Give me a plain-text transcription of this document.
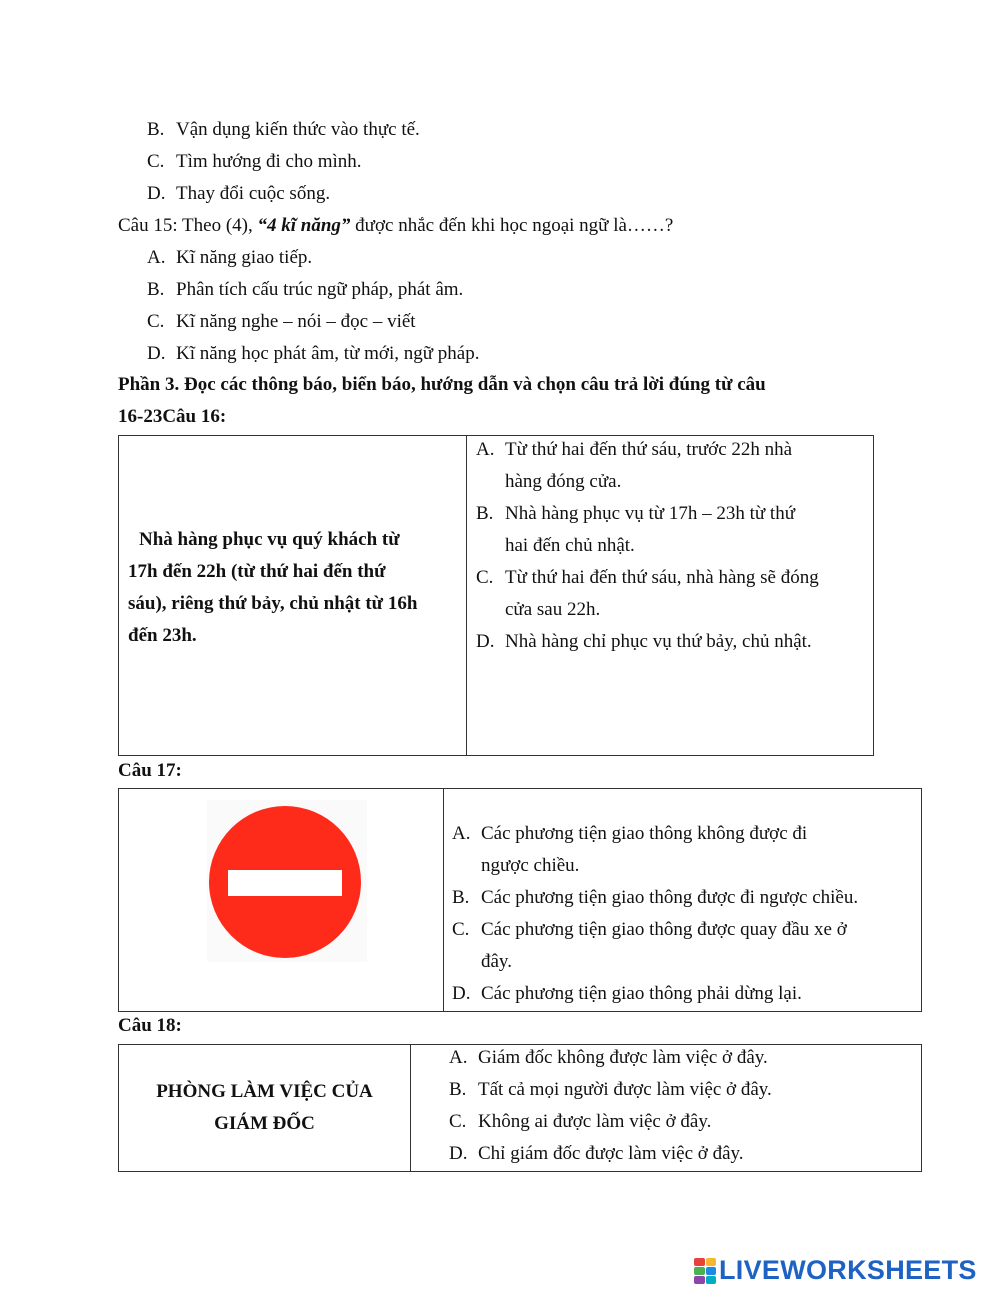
B. Vận dụng kiến thức vào thực tế.
C. Tìm hướng đi cho mình.
D. Thay đổi cuộc sống.
Câu 15: Theo (4), “4 kĩ năng” được nhắc đến khi học ngoại ngữ là……?
A. Kĩ năng giao tiếp.
B. Phân tích cấu trúc ngữ pháp, phát âm.
C. Kĩ năng nghe – nói – đọc – viết
D. Kĩ năng học phát âm, từ mới, ngữ pháp.
Phần 3. Đọc các thông báo, biển báo, hướng dẫn và chọn câu trả lời đúng từ câu
16-23Câu 16:
Nhà hàng phục vụ quý khách từ
17h đến 22h (từ thứ hai đến thứ
sáu), riêng thứ bảy, chủ nhật từ 16h
đến 23h.

A. Từ thứ hai đến thứ sáu, trước 22h nhà
hàng đóng cửa.
B. Nhà hàng phục vụ từ 17h – 23h từ thứ
hai đến chủ nhật.
C. Từ thứ hai đến thứ sáu, nhà hàng sẽ đóng
cửa sau 22h.
D. Nhà hàng chỉ phục vụ thứ bảy, chủ nhật.
Câu 17:

A. Các phương tiện giao thông không được đi
ngược chiều.
B. Các phương tiện giao thông được đi ngược chiều.
C. Các phương tiện giao thông được quay đầu xe ở
đây.
D. Các phương tiện giao thông phải dừng lại.
Câu 18:
PHÒNG LÀM VIỆC CỦA
GIÁM ĐỐC

A. Giám đốc không được làm việc ở đây.
B. Tất cả mọi người được làm việc ở đây.
C. Không ai được làm việc ở đây.
D. Chỉ giám đốc được làm việc ở đây.
LIVEWORKSHEETS
